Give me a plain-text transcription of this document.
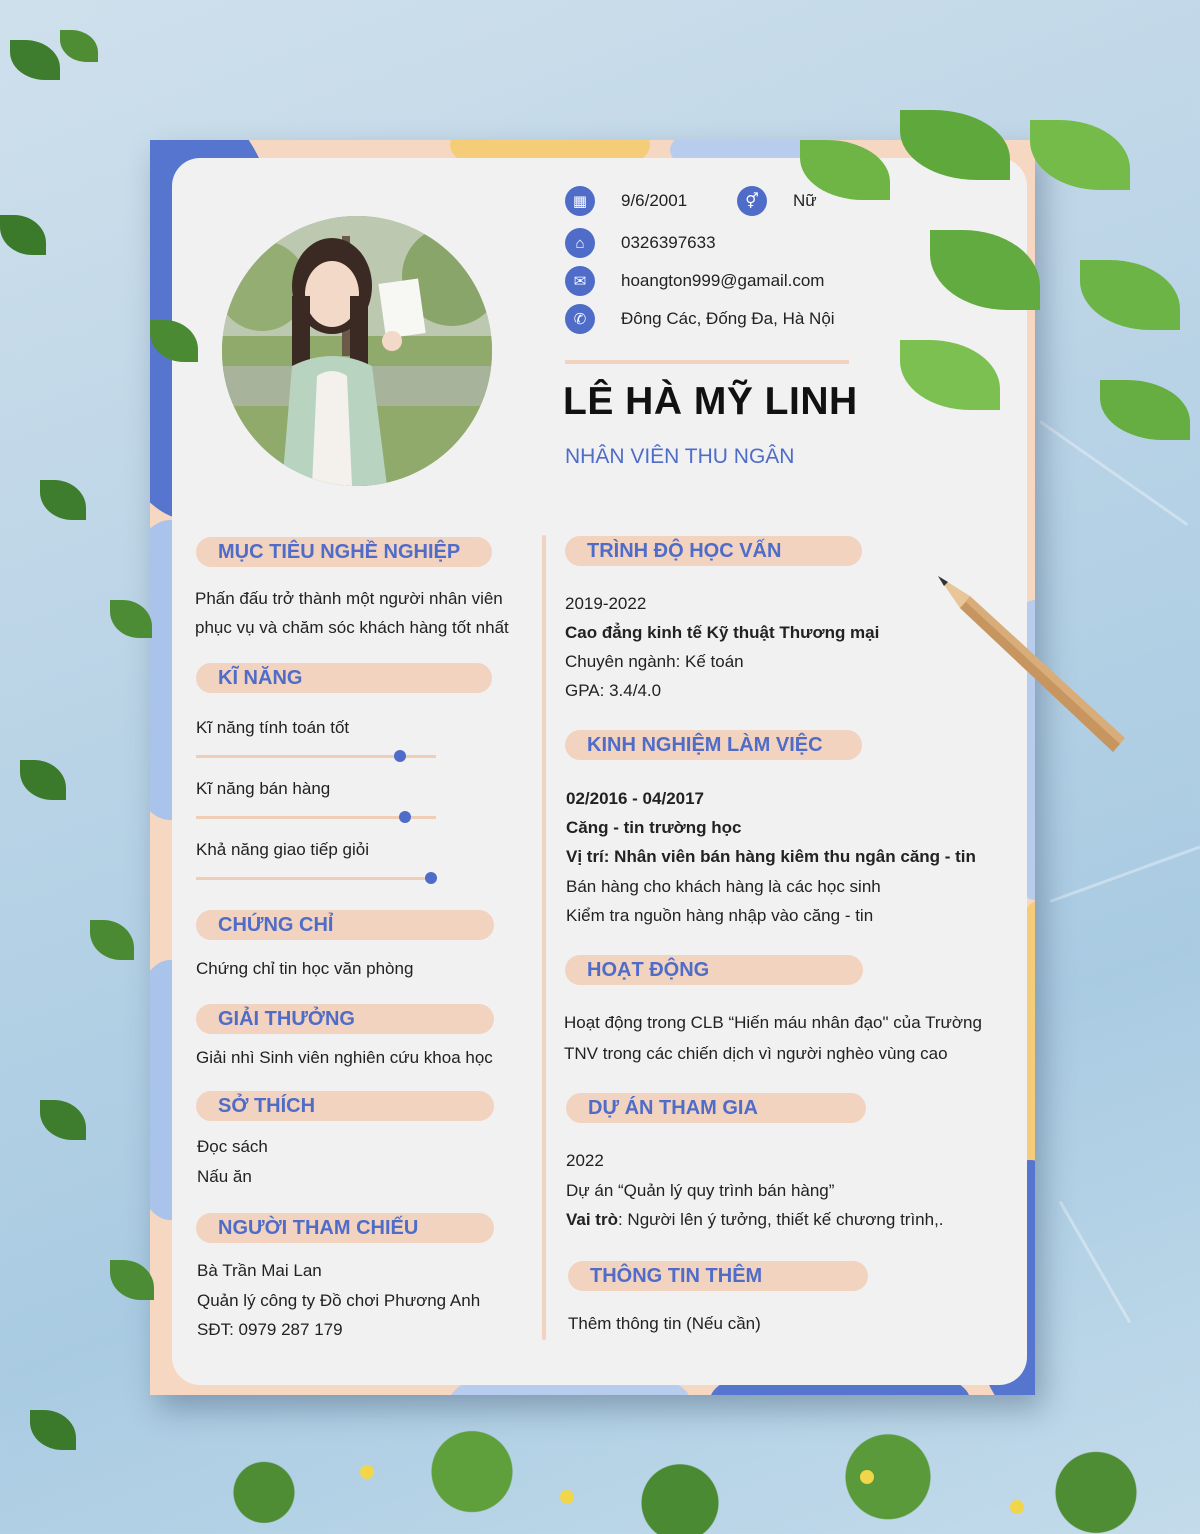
▦	9/6/2001	⚥	Nữ
⌂	0326397633
✉	hoangton999@gamail.com
✆	Đông Các, Đống Đa, Hà Nội
LÊ HÀ MỸ LINH
NHÂN VIÊN THU NGÂN
MỤC TIÊU NGHỀ NGHIỆP
Phấn đấu trở thành một người nhân viên
phục vụ và chăm sóc khách hàng tốt nhất
KĨ NĂNG
Kĩ năng tính toán tốt
Kĩ năng bán hàng
Khả năng giao tiếp giỏi
CHỨNG CHỈ
Chứng chỉ tin học văn phòng
GIẢI THƯỞNG
Giải nhì Sinh viên nghiên cứu khoa học
SỞ THÍCH
Đọc sách
Nấu ăn
NGƯỜI THAM CHIẾU
Bà Trần Mai Lan
Quản lý công ty Đồ chơi Phương Anh
SĐT: 0979 287 179
TRÌNH ĐỘ HỌC VẤN
2019-2022
Cao đẳng kinh tế Kỹ thuật Thương mại
Chuyên ngành: Kế toán
GPA: 3.4/4.0
KINH NGHIỆM LÀM VIỆC
02/2016 - 04/2017
Căng - tin trường học
Vị trí: Nhân viên bán hàng kiêm thu ngân căng - tin
Bán hàng cho khách hàng là các học sinh
Kiểm tra nguồn hàng nhập vào căng - tin
HOẠT ĐỘNG
Hoạt động trong CLB “Hiến máu nhân đạo" của Trường
TNV trong các chiến dịch vì người nghèo vùng cao
DỰ ÁN THAM GIA
2022
Dự án “Quản lý quy trình bán hàng”
Vai trò: Người lên ý tưởng, thiết kế chương trình,.
THÔNG TIN THÊM
Thêm thông tin (Nếu cần)
